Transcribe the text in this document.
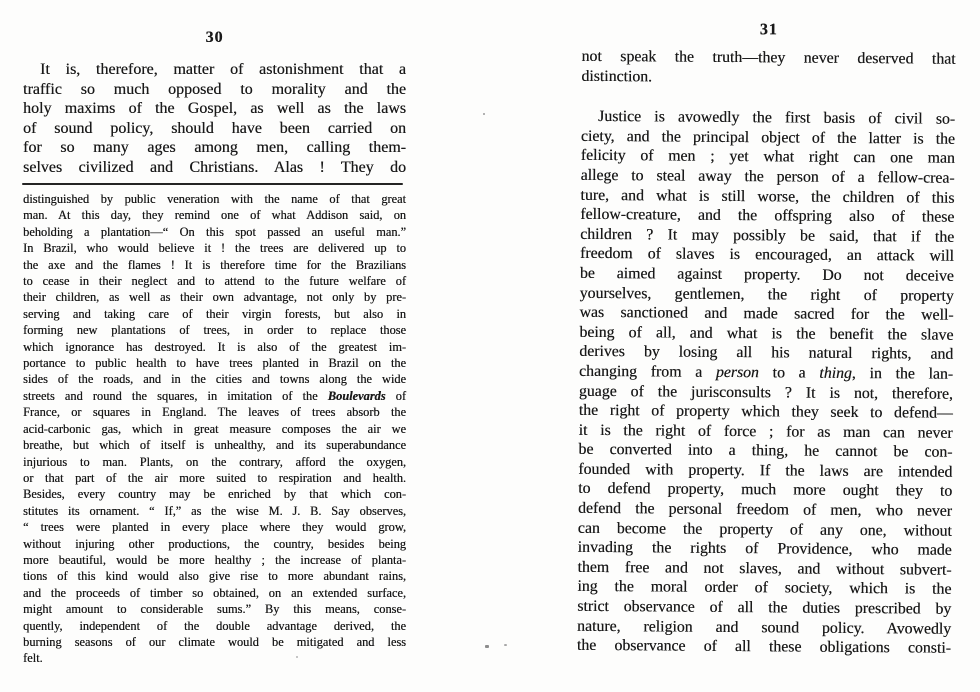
30
It is, therefore, matter of astonishment that a
traffic so much opposed to morality and the
holy maxims of the Gospel, as well as the laws
of sound policy, should have been carried on
for so many ages among men, calling them-
selves civilized and Christians. Alas ! They do
distinguished by public veneration with the name of that great
man. At this day, they remind one of what Addison said, on
beholding a plantation—“ On this spot passed an useful man.”
In Brazil, who would believe it ! the trees are delivered up to
the axe and the flames ! It is therefore time for the Brazilians
to cease in their neglect and to attend to the future welfare of
their children, as well as their own advantage, not only by pre-
serving and taking care of their virgin forests, but also in
forming new plantations of trees, in order to replace those
which ignorance has destroyed. It is also of the greatest im-
portance to public health to have trees planted in Brazil on the
sides of the roads, and in the cities and towns along the wide
streets and round the squares, in imitation of the Boulevards of
France, or squares in England. The leaves of trees absorb the
acid-carbonic gas, which in great measure composes the air we
breathe, but which of itself is unhealthy, and its superabundance
injurious to man. Plants, on the contrary, afford the oxygen,
or that part of the air more suited to respiration and health.
Besides, every country may be enriched by that which con-
stitutes its ornament. “ If,” as the wise M. J. B. Say observes,
“ trees were planted in every place where they would grow,
without injuring other productions, the country, besides being
more beautiful, would be more healthy ; the increase of planta-
tions of this kind would also give rise to more abundant rains,
and the proceeds of timber so obtained, on an extended surface,
might amount to considerable sums.” By this means, conse-
quently, independent of the double advantage derived, the
burning seasons of our climate would be mitigated and less
felt.
31
not speak the truth—they never deserved that
distinction.
Justice is avowedly the first basis of civil so-
ciety, and the principal object of the latter is the
felicity of men ; yet what right can one man
allege to steal away the person of a fellow-crea-
ture, and what is still worse, the children of this
fellow-creature, and the offspring also of these
children ? It may possibly be said, that if the
freedom of slaves is encouraged, an attack will
be aimed against property. Do not deceive
yourselves, gentlemen, the right of property
was sanctioned and made sacred for the well-
being of all, and what is the benefit the slave
derives by losing all his natural rights, and
changing from a person to a thing, in the lan-
guage of the jurisconsults ? It is not, therefore,
the right of property which they seek to defend—
it is the right of force ; for as man can never
be converted into a thing, he cannot be con-
founded with property. If the laws are intended
to defend property, much more ought they to
defend the personal freedom of men, who never
can become the property of any one, without
invading the rights of Providence, who made
them free and not slaves, and without subvert-
ing the moral order of society, which is the
strict observance of all the duties prescribed by
nature, religion and sound policy. Avowedly
the observance of all these obligations consti-
